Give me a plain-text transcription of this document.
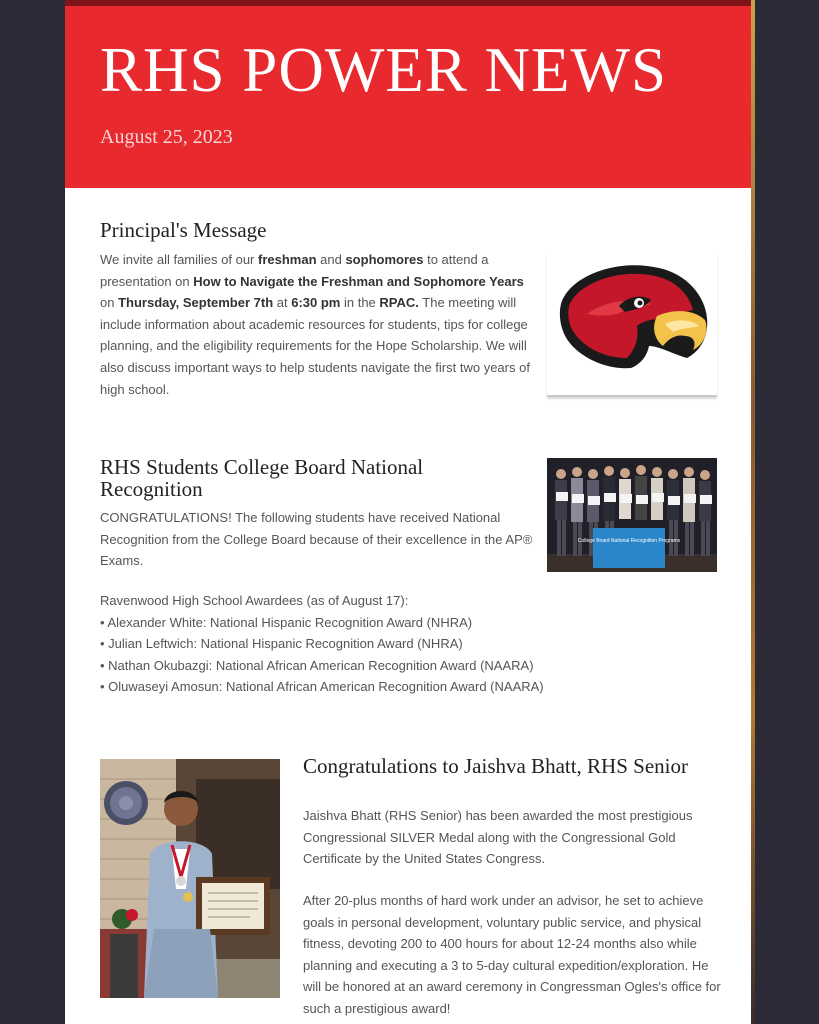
RHS POWER NEWS
August 25, 2023
Principal's Message

We invite all families of our freshman and sophomores to attend a presentation on How to Navigate the Freshman and Sophomore Years on Thursday, September 7th at 6:30 pm in the RPAC. The meeting will include information about academic resources for students, tips for college planning, and the eligibility requirements for the Hope Scholarship. We will also discuss important ways to help students navigate the first two years of high school.

RHS Students College Board National Recognition

CONGRATULATIONS! The following students have received National Recognition from the College Board because of their excellence in the AP® Exams.

College Board National Recognition Programs

Ravenwood High School Awardees (as of August 17):

• Alexander White: National Hispanic Recognition Award (NHRA)
• Julian Leftwich: National Hispanic Recognition Award (NHRA)
• Nathan Okubazgi: National African American Recognition Award (NAARA)
• Oluwaseyi Amosun: National African American Recognition Award (NAARA)
Congratulations to Jaishva Bhatt, RHS Senior

Jaishva Bhatt (RHS Senior) has been awarded the most prestigious Congressional SILVER Medal along with the Congressional Gold Certificate by the United States Congress.

After 20-plus months of hard work under an advisor, he set to achieve goals in personal development, voluntary public service, and physical fitness, devoting 200 to 400 hours for about 12-24 months also while planning and executing a 3 to 5-day cultural expedition/exploration. He will be honored at an award ceremony in Congressman Ogles's office for such a prestigious award!
